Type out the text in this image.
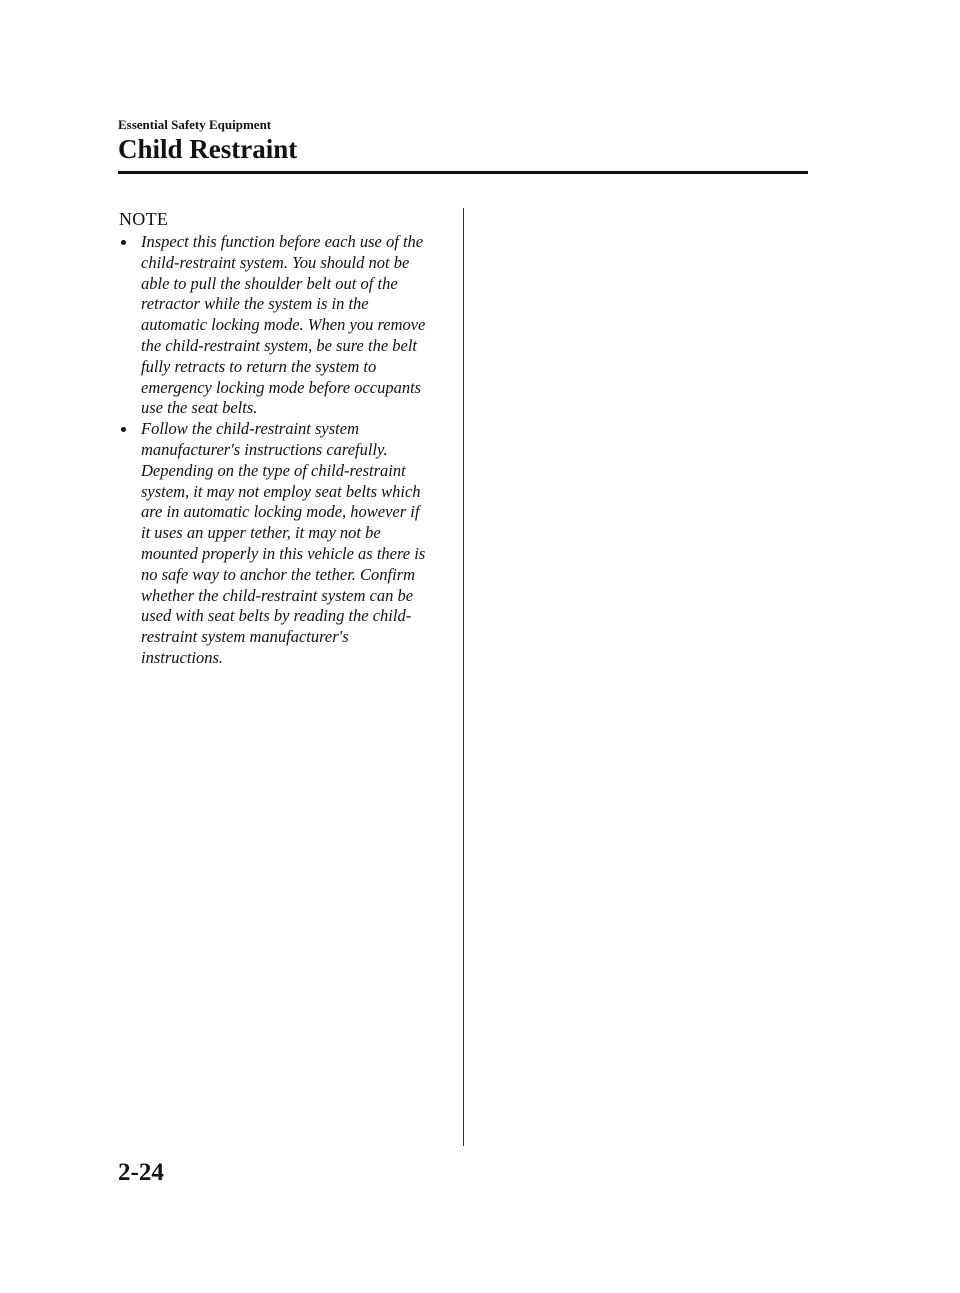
Essential Safety Equipment
Child Restraint
NOTE
Inspect this function before each use of the
child-restraint system. You should not be
able to pull the shoulder belt out of the
retractor while the system is in the
automatic locking mode. When you remove
the child-restraint system, be sure the belt
fully retracts to return the system to
emergency locking mode before occupants
use the seat belts.
Follow the child-restraint system
manufacturer's instructions carefully.
Depending on the type of child-restraint
system, it may not employ seat belts which
are in automatic locking mode, however if
it uses an upper tether, it may not be
mounted properly in this vehicle as there is
no safe way to anchor the tether. Confirm
whether the child-restraint system can be
used with seat belts by reading the child-
restraint system manufacturer's
instructions.
2-24
